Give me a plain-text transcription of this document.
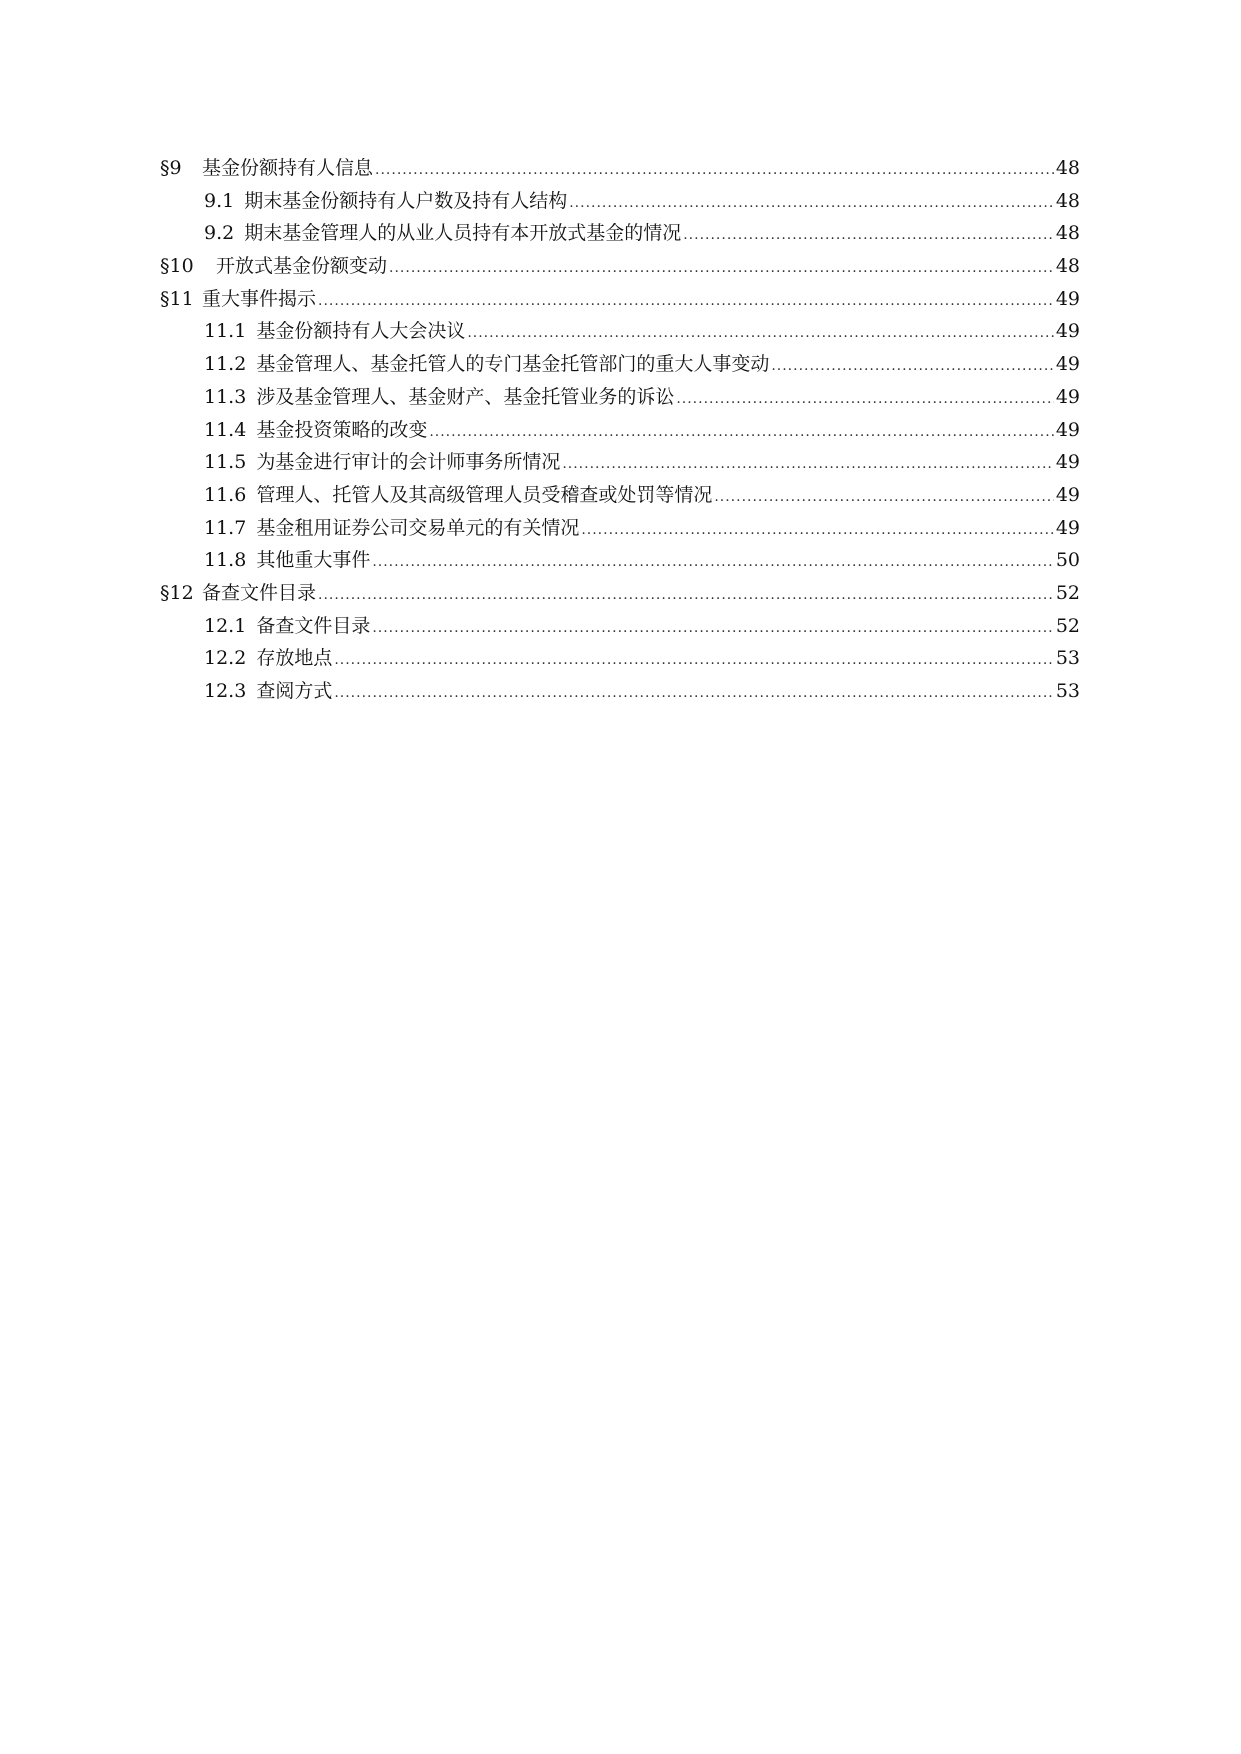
§9	基金份额持有人信息 .....	48
9.1 期末基金份额持有人户数及持有人结构 .....	48
9.2 期末基金管理人的从业人员持有本开放式基金的情况 .....	48
§10	开放式基金份额变动 .....	48
§11 重大事件揭示 .....	49
11.1 基金份额持有人大会决议 .....	49
11.2 基金管理人、基金托管人的专门基金托管部门的重大人事变动 .....	49
11.3 涉及基金管理人、基金财产、基金托管业务的诉讼 .....	49
11.4 基金投资策略的改变 .....	49
11.5 为基金进行审计的会计师事务所情况 .....	49
11.6 管理人、托管人及其高级管理人员受稽查或处罚等情况 .....	49
11.7 基金租用证券公司交易单元的有关情况 .....	49
11.8 其他重大事件 .....	50
§12 备查文件目录 .....	52
12.1 备查文件目录 .....	52
12.2 存放地点 .....	53
12.3 查阅方式 .....	53
